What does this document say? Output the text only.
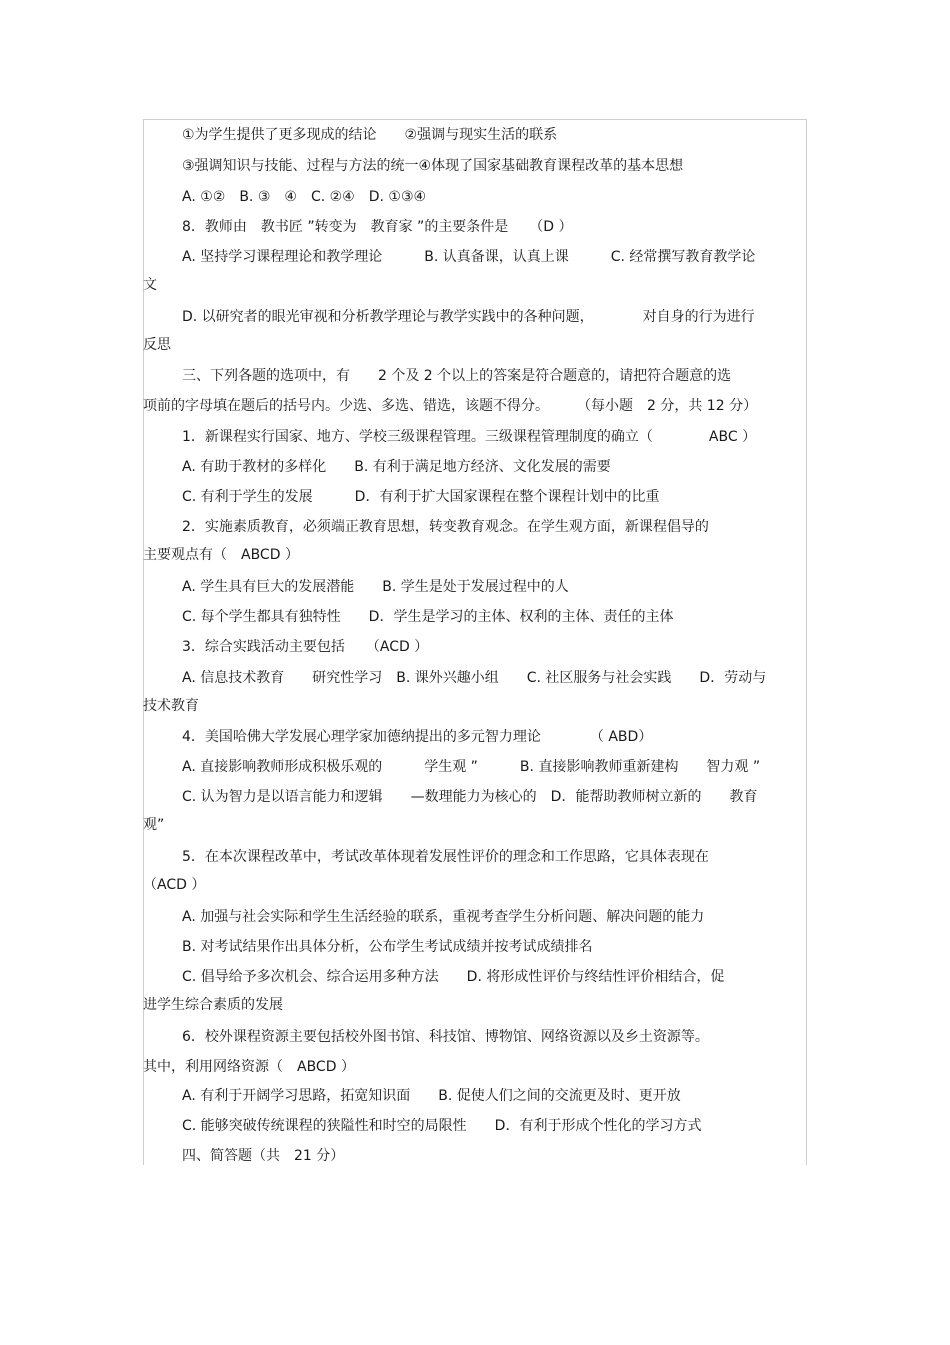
①为学生提供了更多现成的结论　　②强调与现实生活的联系

③强调知识与技能、过程与方法的统一④体现了国家基础教育课程改革的基本思想

A. ①②　B. ③　④　C. ②④　D. ①③④

8．教师由　教书匠 ”转变为　教育家 ”的主要条件是　　（D ）

A. 坚持学习课程理论和教学理论　　　B. 认真备课，认真上课　　　C. 经常撰写教育教学论

文

D. 以研究者的眼光审视和分析教学理论与教学实践中的各种问题，　　　　对自身的行为进行

反思

三、下列各题的选项中，有　　2 个及 2 个以上的答案是符合题意的，请把符合题意的选

项前的字母填在题后的括号内。少选、多选、错选，该题不得分。　　　（每小题　2 分，共 12 分）

1．新课程实行国家、地方、学校三级课程管理。三级课程管理制度的确立（　　　　ABC ）

A. 有助于教材的多样化　　B. 有利于满足地方经济、文化发展的需要

C. 有利于学生的发展　　　D．有利于扩大国家课程在整个课程计划中的比重

2．实施素质教育，必须端正教育思想，转变教育观念。在学生观方面，新课程倡导的

主要观点有（　ABCD ）

A. 学生具有巨大的发展潜能　　B. 学生是处于发展过程中的人

C. 每个学生都具有独特性　　D．学生是学习的主体、权利的主体、责任的主体

3．综合实践活动主要包括　　（ACD ）

A. 信息技术教育　　研究性学习　B. 课外兴趣小组　　C. 社区服务与社会实践　　D．劳动与

技术教育

4．美国哈佛大学发展心理学家加德纳提出的多元智力理论　　　　（ ABD）

A. 直接影响教师形成积极乐观的　　　学生观 ”　　　B. 直接影响教师重新建构　　智力观 ”

C. 认为智力是以语言能力和逻辑　　—数理能力为核心的　D．能帮助教师树立新的　　教育

观”

5．在本次课程改革中，考试改革体现着发展性评价的理念和工作思路，它具体表现在

（ACD ）

A. 加强与社会实际和学生生活经验的联系，重视考查学生分析问题、解决问题的能力

B. 对考试结果作出具体分析，公布学生考试成绩并按考试成绩排名

C. 倡导给予多次机会、综合运用多种方法　　D. 将形成性评价与终结性评价相结合，促

进学生综合素质的发展

6．校外课程资源主要包括校外图书馆、科技馆、博物馆、网络资源以及乡土资源等。

其中，利用网络资源（　ABCD ）

A. 有利于开阔学习思路，拓宽知识面　　B. 促使人们之间的交流更及时、更开放

C. 能够突破传统课程的狭隘性和时空的局限性　　D．有利于形成个性化的学习方式

四、简答题（共　21 分）
